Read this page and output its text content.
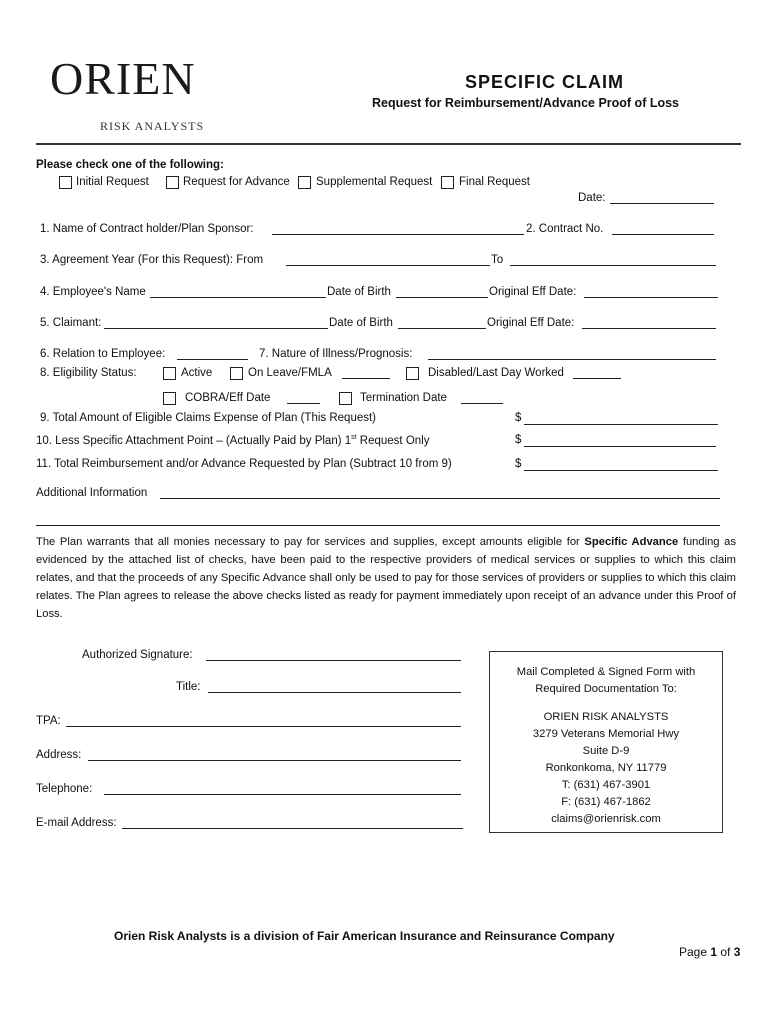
ORIEN
RISK ANALYSTS
SPECIFIC CLAIM
Request for Reimbursement/Advance Proof of Loss
Please check one of the following:
Initial Request	Request for Advance Supplemental Request Final Request
Date:
1. Name of Contract holder/Plan Sponsor:	2. Contract No.
3. Agreement Year (For this Request): From	To
4. Employee's Name	Date of Birth	Original Eff Date:
5. Claimant:	Date of Birth	Original Eff Date:
6. Relation to Employee:	7. Nature of Illness/Prognosis:
8. Eligibility Status:	Active	On Leave/FMLA	Disabled/Last Day Worked
COBRA/Eff Date	Termination Date
9. Total Amount of Eligible Claims Expense of Plan (This Request)	$
10. Less Specific Attachment Point – (Actually Paid by Plan) 1st Request Only	$
11. Total Reimbursement and/or Advance Requested by Plan (Subtract 10 from 9)	$
Additional Information
The Plan warrants that all monies necessary to pay for services and supplies, except amounts eligible for Specific Advance funding as evidenced by the attached list of checks, have been paid to the respective providers of medical services or supplies to which this claim relates, and that the proceeds of any Specific Advance shall only be used to pay for those services of providers or supplies to which this claim relates. The Plan agrees to release the above checks listed as ready for payment immediately upon receipt of an advance under this Proof of Loss.
Authorized Signature:
Title:
TPA:
Address:
Telephone:
E-mail Address:
Mail Completed & Signed Form with
Required Documentation To:
ORIEN RISK ANALYSTS
3279 Veterans Memorial Hwy
Suite D-9
Ronkonkoma, NY 11779
T: (631) 467-3901
F: (631) 467-1862
claims@orienrisk.com
Orien Risk Analysts is a division of Fair American Insurance and Reinsurance Company
Page 1 of 3
